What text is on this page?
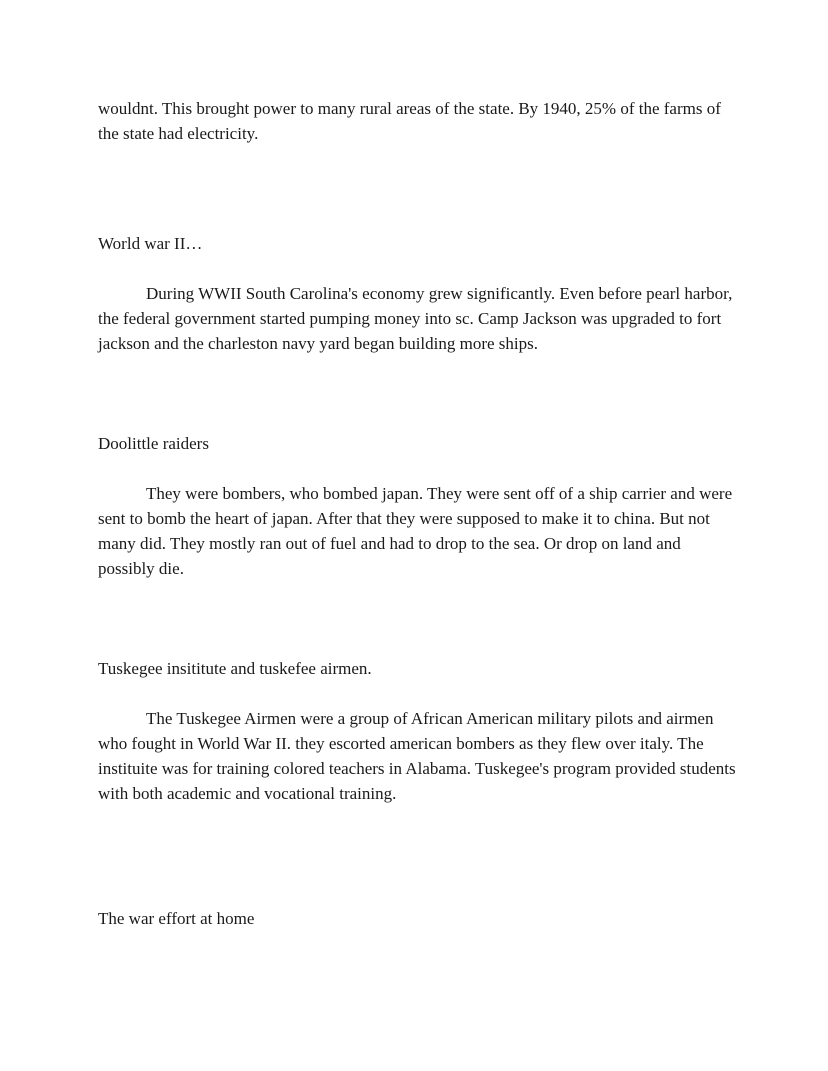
wouldnt. This brought power to many rural areas of the state. By 1940, 25% of the farms of the state had electricity.

World war II…

During WWII South Carolina's economy grew significantly. Even before pearl harbor, the federal government started pumping money into sc. Camp Jackson was upgraded to fort jackson and the charleston navy yard began building more ships.

Doolittle raiders

They were bombers, who bombed japan. They were sent off of a ship carrier and were sent to bomb the heart of japan. After that they were supposed to make it to china. But not many did. They mostly ran out of fuel and had to drop to the sea. Or drop on land and possibly die.

Tuskegee insititute and tuskefee airmen.

The Tuskegee Airmen were a group of African American military pilots and airmen who fought in World War II. they escorted american bombers as they flew over italy. The instituite was for training colored teachers in Alabama. Tuskegee's program provided students with both academic and vocational training.

The war effort at home
